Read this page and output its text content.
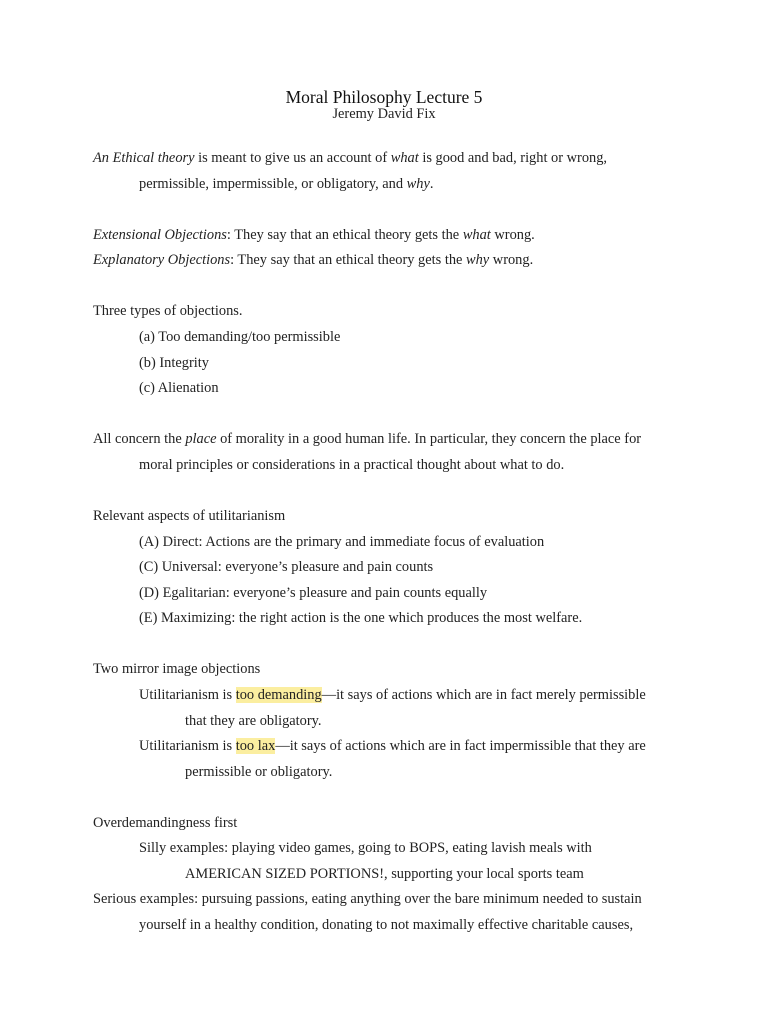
Moral Philosophy Lecture 5
Jeremy David Fix
An Ethical theory is meant to give us an account of what is good and bad, right or wrong,
permissible, impermissible, or obligatory, and why.
Extensional Objections: They say that an ethical theory gets the what wrong.
Explanatory Objections: They say that an ethical theory gets the why wrong.
Three types of objections.
(a) Too demanding/too permissible
(b) Integrity
(c) Alienation
All concern the place of morality in a good human life. In particular, they concern the place for
moral principles or considerations in a practical thought about what to do.
Relevant aspects of utilitarianism
(A) Direct: Actions are the primary and immediate focus of evaluation
(C) Universal: everyone’s pleasure and pain counts
(D) Egalitarian: everyone’s pleasure and pain counts equally
(E) Maximizing: the right action is the one which produces the most welfare.
Two mirror image objections
Utilitarianism is too demanding—it says of actions which are in fact merely permissible
that they are obligatory.
Utilitarianism is too lax—it says of actions which are in fact impermissible that they are
permissible or obligatory.
Overdemandingness first
Silly examples: playing video games, going to BOPS, eating lavish meals with
AMERICAN SIZED PORTIONS!, supporting your local sports team
Serious examples: pursuing passions, eating anything over the bare minimum needed to sustain
yourself in a healthy condition, donating to not maximally effective charitable causes,
